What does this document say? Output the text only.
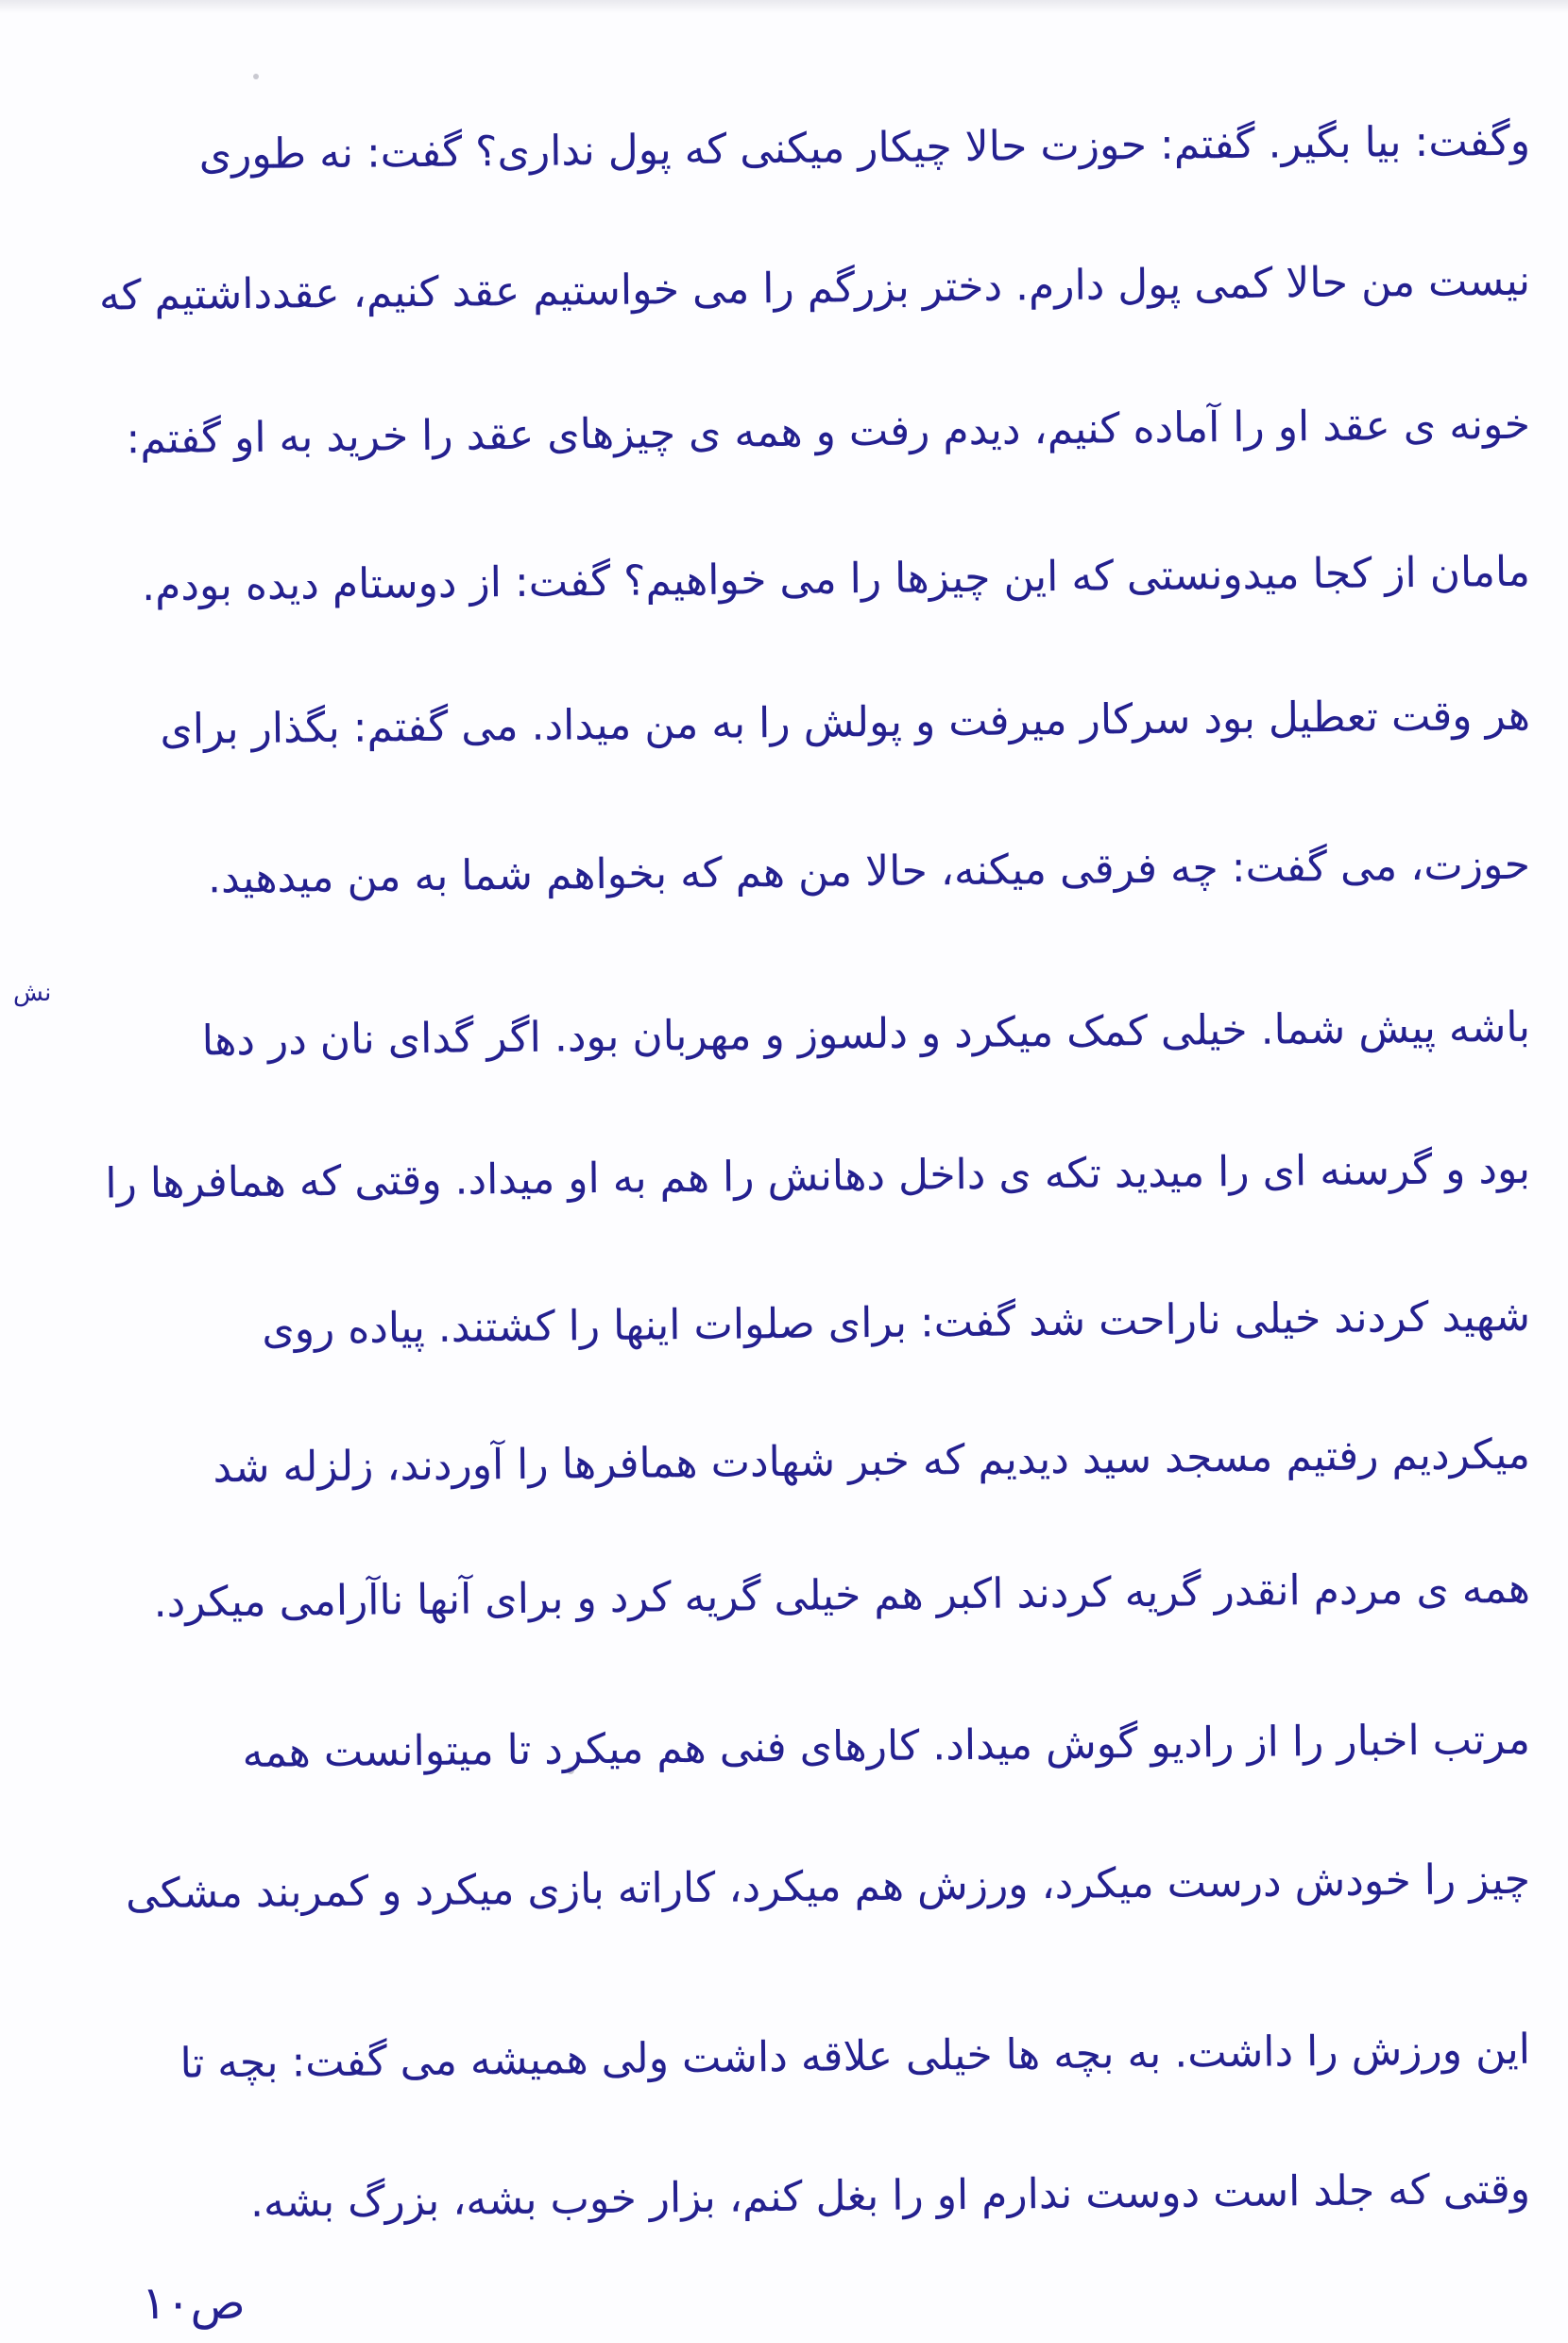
وگفت: بیا بگیر. گفتم: حوزت حالا چیکار میکنی که پول نداری؟ گفت: نه طوری
نیست من حالا کمی پول دارم. دختر بزرگم را می خواستیم عقد کنیم، عقدداشتیم که
خونه ی عقد او را آماده کنیم، دیدم رفت و همه ی چیزهای عقد را خرید به او گفتم:
مامان از کجا میدونستی که این چیزها را می خواهیم؟ گفت: از دوستام دیده بودم.
هر وقت تعطیل بود سرکار میرفت و پولش را به من میداد. می گفتم: بگذار برای
حوزت، می گفت: چه فرقی میکنه، حالا من هم که بخواهم شما به من میدهید.
باشه پیش شما. خیلی کمک میکرد و دلسوز و مهربان بود. اگر گدای نان در دها
بود و گرسنه ای را میدید تکه ی داخل دهانش را هم به او میداد. وقتی که همافرها را
شهید کردند خیلی ناراحت شد گفت: برای صلوات اینها را کشتند. پیاده روی
میکردیم رفتیم مسجد سید دیدیم که خبر شهادت همافرها را آوردند، زلزله شد
همه ی مردم انقدر گریه کردند اکبر هم خیلی گریه کرد و برای آنها ناآرامی میکرد.
مرتب اخبار را از رادیو گوش میداد. کارهای فنی هم میکرد تا میتوانست همه
چیز را خودش درست میکرد، ورزش هم میکرد، کاراته بازی میکرد و کمربند مشکی
این ورزش را داشت. به بچه ها خیلی علاقه داشت ولی همیشه می گفت: بچه تا
وقتی که جلد است دوست ندارم او را بغل کنم، بزار خوب بشه، بزرگ بشه.
نش
ص۱۰
